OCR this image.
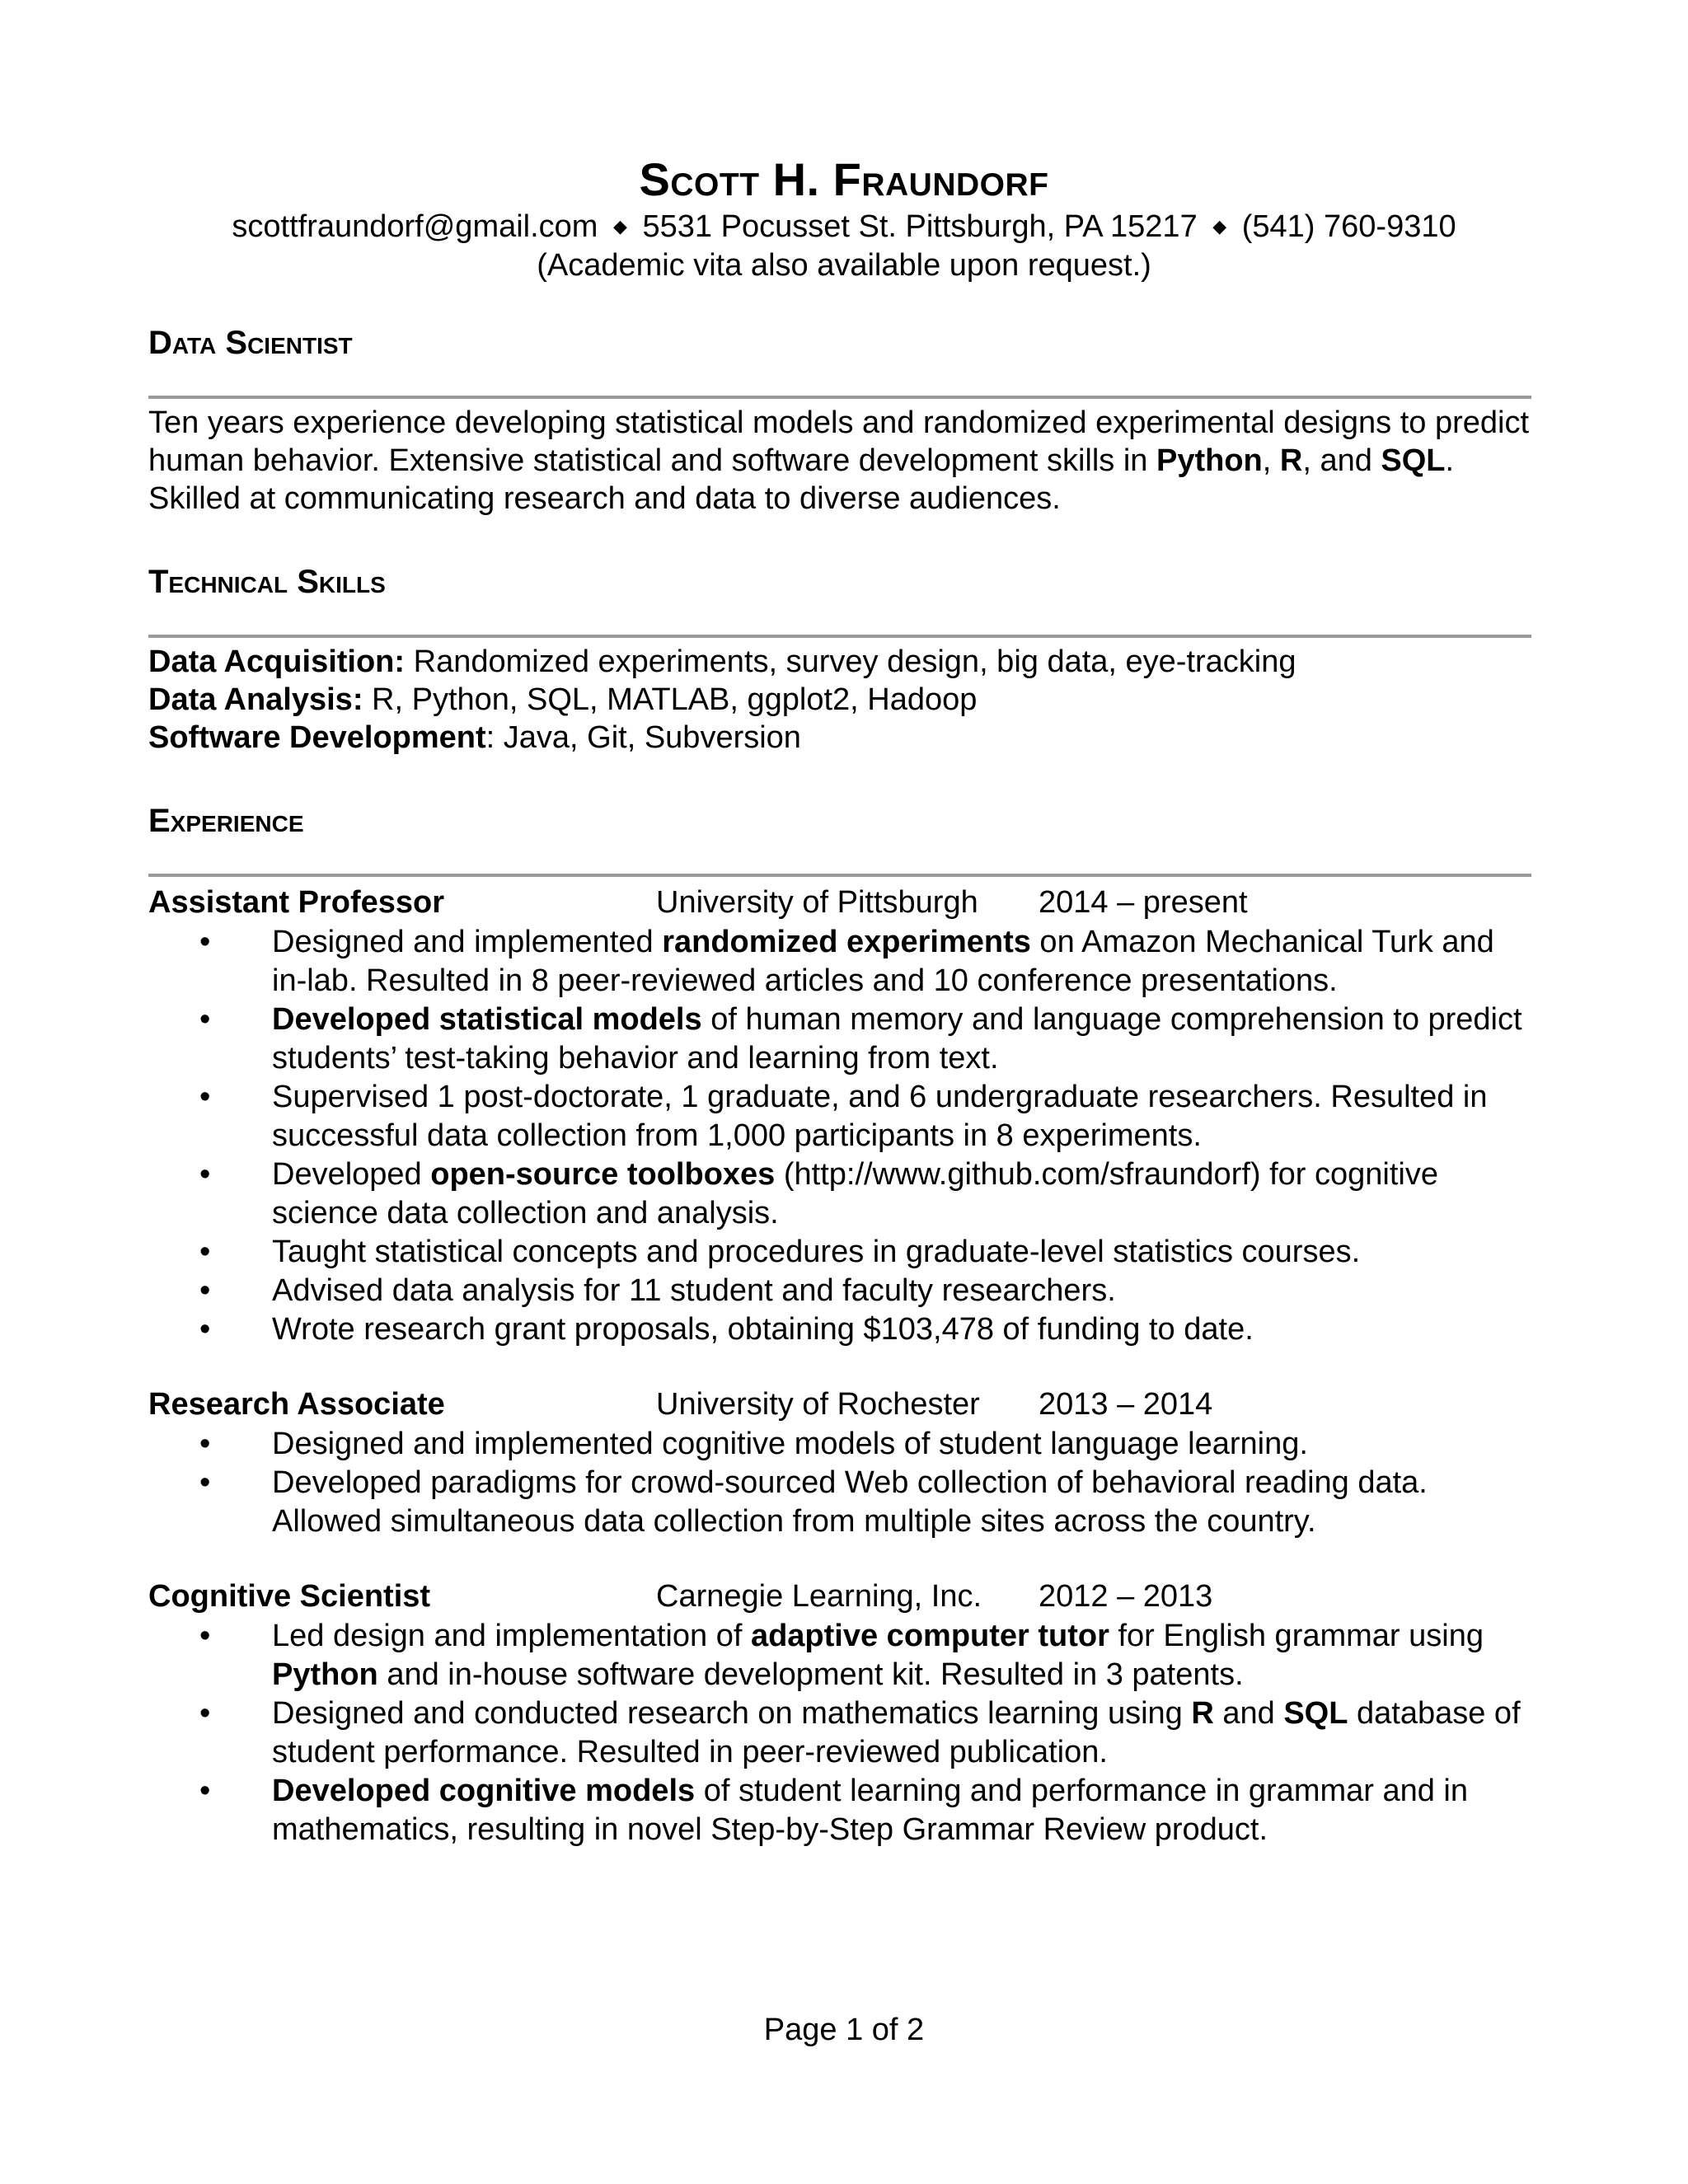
Scott H. Fraundorf
scottfraundorf@gmail.com ◆ 5531 Pocusset St. Pittsburgh, PA 15217 ◆ (541) 760-9310
(Academic vita also available upon request.)
Data Scientist
Ten years experience developing statistical models and randomized experimental designs to predict human behavior. Extensive statistical and software development skills in Python, R, and SQL. Skilled at communicating research and data to diverse audiences.
Technical Skills
Data Acquisition: Randomized experiments, survey design, big data, eye-tracking
Data Analysis: R, Python, SQL, MATLAB, ggplot2, Hadoop
Software Development: Java, Git, Subversion
Experience
Assistant Professor	University of Pittsburgh 2014 – present
• Designed and implemented randomized experiments on Amazon Mechanical Turk and in-lab. Resulted in 8 peer-reviewed articles and 10 conference presentations.
• Developed statistical models of human memory and language comprehension to predict students’ test-taking behavior and learning from text.
• Supervised 1 post-doctorate, 1 graduate, and 6 undergraduate researchers. Resulted in successful data collection from 1,000 participants in 8 experiments.
• Developed open-source toolboxes (http://www.github.com/sfraundorf) for cognitive science data collection and analysis.
• Taught statistical concepts and procedures in graduate-level statistics courses.
• Advised data analysis for 11 student and faculty researchers.
• Wrote research grant proposals, obtaining $103,478 of funding to date.
Research Associate	University of Rochester 2013 – 2014
• Designed and implemented cognitive models of student language learning.
• Developed paradigms for crowd-sourced Web collection of behavioral reading data. Allowed simultaneous data collection from multiple sites across the country.
Cognitive Scientist	Carnegie Learning, Inc. 2012 – 2013
• Led design and implementation of adaptive computer tutor for English grammar using Python and in-house software development kit. Resulted in 3 patents.
• Designed and conducted research on mathematics learning using R and SQL database of student performance. Resulted in peer-reviewed publication.
• Developed cognitive models of student learning and performance in grammar and in mathematics, resulting in novel Step-by-Step Grammar Review product.
Page 1 of 2
